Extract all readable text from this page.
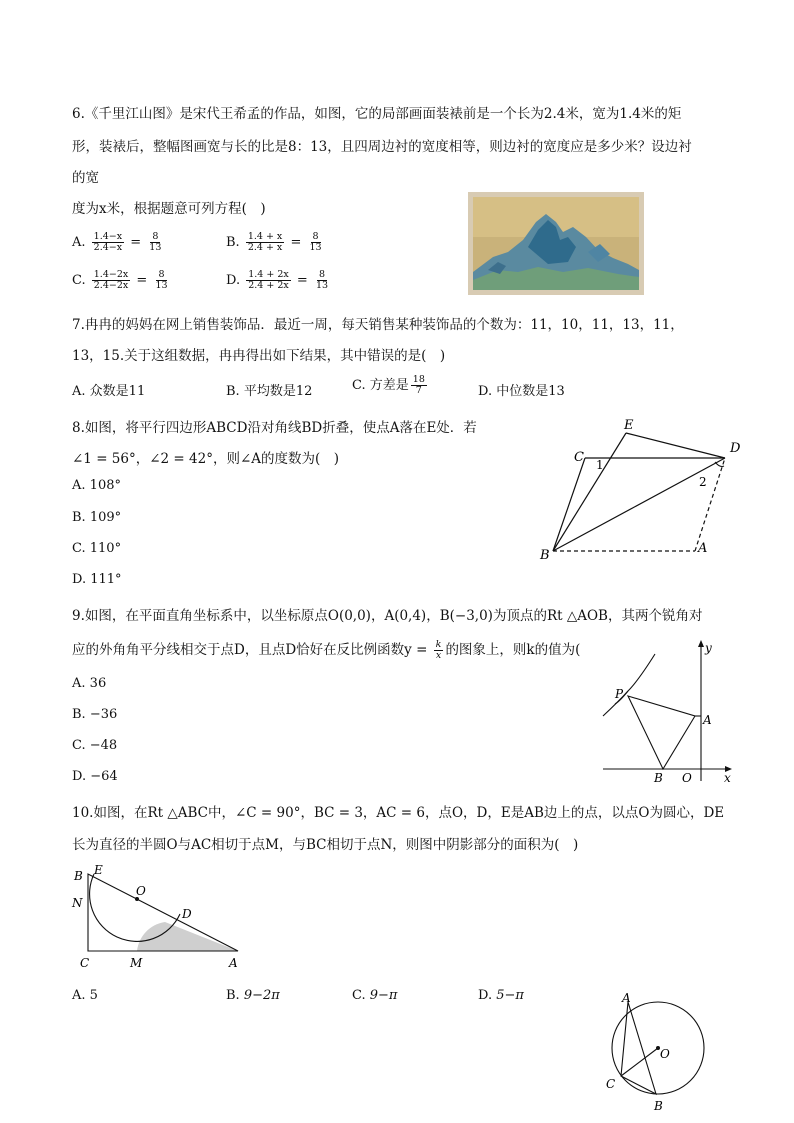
6.《千里江山图》是宋代王希孟的作品，如图，它的局部画面装裱前是一个长为2.4米，宽为1.4米的矩
形，装裱后，整幅图画宽与长的比是8：13，且四周边衬的宽度相等，则边衬的宽度应是多少米？设边衬
的宽
度为x米，根据题意可列方程(　)
A. $\frac{1.4-x}{2.4-x} = \frac{8}{13}$	B. $\frac{1.4 + x}{2.4 + x} = \frac{8}{13}$
C. $\frac{1.4-2x}{2.4-2x} = \frac{8}{13}$	D. $\frac{1.4 + 2x}{2.4 + 2x} = \frac{8}{13}$
7.冉冉的妈妈在网上销售装饰品．最近一周，每天销售某种装饰品的个数为：11，10，11，13，11，
13，15.关于这组数据，冉冉得出如下结果，其中错误的是(　)
A. 众数是11	B. 平均数是12	C. 方差是 $\frac{18}{7}$	D. 中位数是13
8.如图，将平行四边形ABCD沿对角线BD折叠，使点A落在E处．若
∠1 = 56°，∠2 = 42°，则∠A的度数为(　)
A. 108°
B. 109°
C. 110°
D. 111°
E
D
C 1
2
B	A
9.如图，在平面直角坐标系中，以坐标原点O(0,0)，A(0,4)，B(−3,0)为顶点的Rt △AOB，其两个锐角对
应的外角角平分线相交于点D，且点D恰好在反比例函数$y = \frac{k}{x}$ 的图象上，则k的值为(
A. 36
B. −36
C. −48
D. −64
y
P
A
B O	x
10.如图，在Rt △ABC中，∠C = 90°，BC = 3，AC = 6，点O，D，E是AB边上的点，以点O为圆心，DE
长为直径的半圆O与AC相切于点M，与BC相切于点N，则图中阴影部分的面积为(　)
B E
O
N
D
C	M	A
A. 5	B. 9−2π	C. 9−π	D. 5−π	A
O
C
B
